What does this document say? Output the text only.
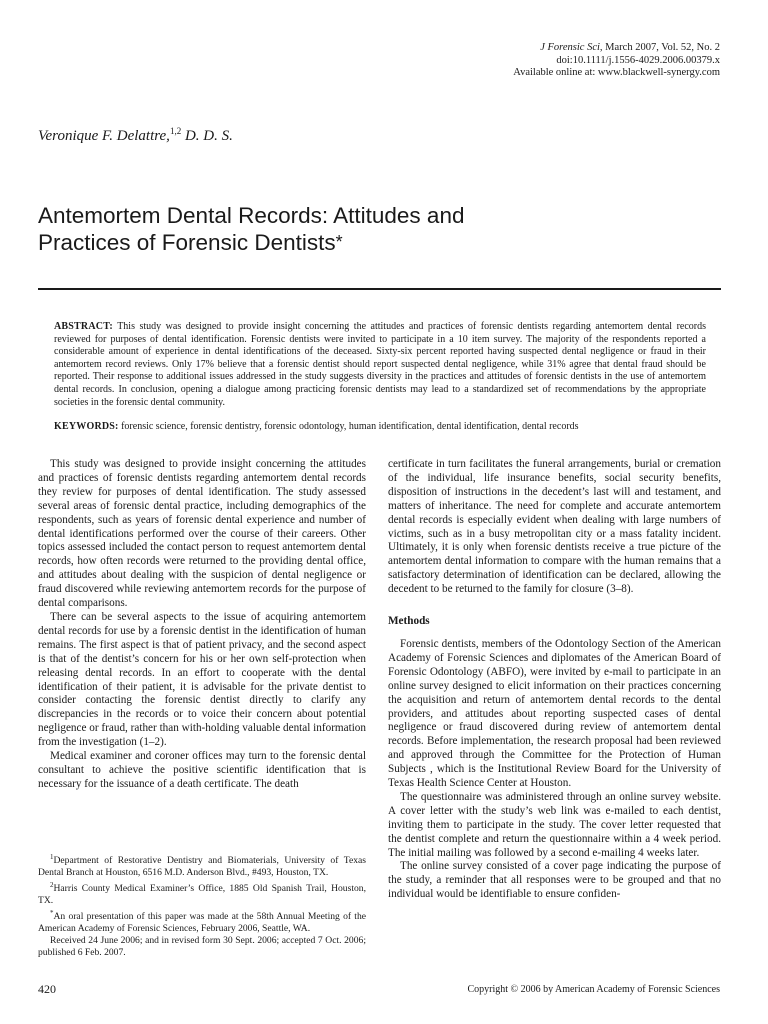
J Forensic Sci, March 2007, Vol. 52, No. 2
doi:10.1111/j.1556-4029.2006.00379.x
Available online at: www.blackwell-synergy.com
Veronique F. Delattre,$^{1,2}$ D. D. S.
Antemortem Dental Records: Attitudes and
Practices of Forensic Dentists*
ABSTRACT: This study was designed to provide insight concerning the attitudes and practices of forensic dentists regarding antemortem dental records reviewed for purposes of dental identification. Forensic dentists were invited to participate in a 10 item survey. The majority of the respondents reported a considerable amount of experience in dental identifications of the deceased. Sixty-six percent reported having suspected dental negligence or fraud in their antemortem record reviews. Only 17% believe that a forensic dentist should report suspected dental negligence, while 31% agree that dental fraud should be reported. Their response to additional issues addressed in the study suggests diversity in the practices and attitudes of forensic dentists in the use of antemortem dental records. In conclusion, opening a dialogue among practicing forensic dentists may lead to a standardized set of recommendations by the appropriate societies in the forensic dental community.
KEYWORDS: forensic science, forensic dentistry, forensic odontology, human identification, dental identification, dental records

This study was designed to provide insight concerning the attitudes and practices of forensic dentists regarding antemortem dental records they review for purposes of dental identification. The study assessed several areas of forensic dental practice, including demographics of the respondents, such as years of forensic dental experience and number of dental identifications performed over the course of their careers. Other topics assessed included the contact person to request antemortem dental records, how often records were returned to the providing dental office, and attitudes about dealing with the suspicion of dental negligence or fraud discovered while reviewing antemortem records for the purpose of dental comparisons.

There can be several aspects to the issue of acquiring antemortem dental records for use by a forensic dentist in the identification of human remains. The first aspect is that of patient privacy, and the second aspect is that of the dentist’s concern for his or her own self-protection when releasing dental records. In an effort to cooperate with the dental identification of their patient, it is advisable for the private dentist to consider contacting the forensic dentist directly to clarify any discrepancies in the records or to voice their concern about potential negligence or fraud, rather than with-holding valuable dental information from the investigation (1–2).

Medical examiner and coroner offices may turn to the forensic dental consultant to achieve the positive scientific identification that is necessary for the issuance of a death certificate. The death

$^1$Department of Restorative Dentistry and Biomaterials, University of Texas Dental Branch at Houston, 6516 M.D. Anderson Blvd., #493, Houston, TX.

$^2$Harris County Medical Examiner’s Office, 1885 Old Spanish Trail, Houston, TX.

*An oral presentation of this paper was made at the 58th Annual Meeting of the American Academy of Forensic Sciences, February 2006, Seattle, WA.

Received 24 June 2006; and in revised form 30 Sept. 2006; accepted 7 Oct. 2006; published 6 Feb. 2007.

certificate in turn facilitates the funeral arrangements, burial or cremation of the individual, life insurance benefits, social security benefits, disposition of instructions in the decedent’s last will and testament, and matters of inheritance. The need for complete and accurate antemortem dental records is especially evident when dealing with large numbers of victims, such as in a busy metropolitan city or a mass fatality incident. Ultimately, it is only when forensic dentists receive a true picture of the antemortem dental information to compare with the human remains that a satisfactory determination of identification can be declared, allowing the decedent to be returned to the family for closure (3–8).

Methods

Forensic dentists, members of the Odontology Section of the American Academy of Forensic Sciences and diplomates of the American Board of Forensic Odontology (ABFO), were invited by e-mail to participate in an online survey designed to elicit information on their practices concerning the acquisition and return of antemortem dental records to the dental providers, and attitudes about reporting suspected cases of dental negligence or fraud discovered during review of antemortem dental records. Before implementation, the research proposal had been reviewed and approved through the Committee for the Protection of Human Subjects , which is the Institutional Review Board for the University of Texas Health Science Center at Houston.

The questionnaire was administered through an online survey website. A cover letter with the study’s web link was e-mailed to each dentist, inviting them to participate in the study. The cover letter requested that the dentist complete and return the questionnaire within a 4 week period. The initial mailing was followed by a second e-mailing 4 weeks later.

The online survey consisted of a cover page indicating the purpose of the study, a reminder that all responses were to be grouped and that no individual would be identifiable to ensure confiden-

420	Copyright © 2006 by American Academy of Forensic Sciences
